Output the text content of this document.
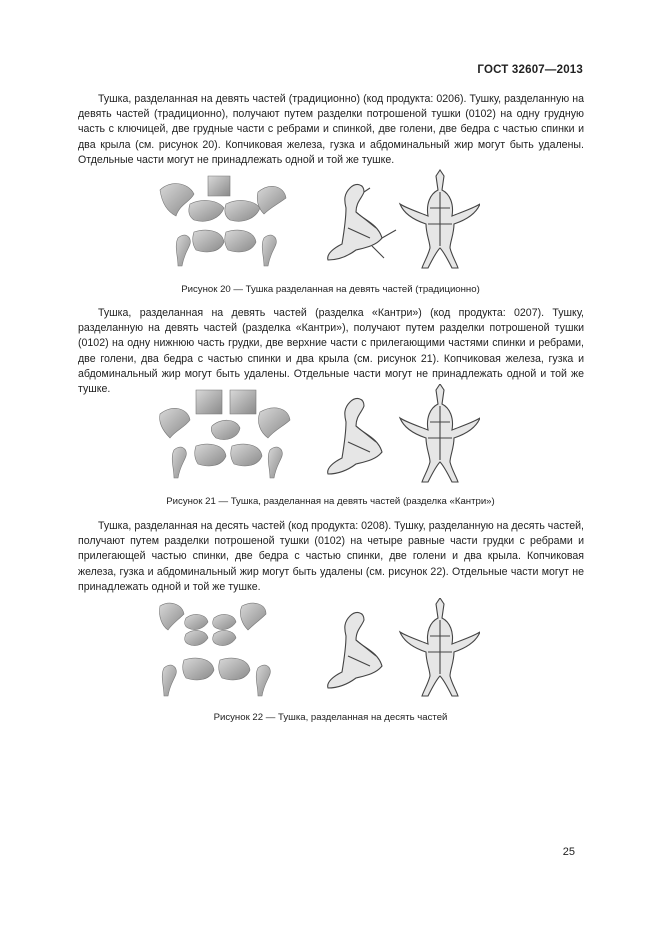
ГОСТ 32607—2013

Тушка, разделанная на девять частей (традиционно) (код продукта: 0206). Тушку, разделанную на девять частей (традиционно), получают путем разделки потрошеной тушки (0102) на одну грудную часть с ключицей, две грудные части с ребрами и спинкой, две голени, две бедра с частью спинки и два крыла (см. рисунок 20). Копчиковая железа, гузка и абдоминальный жир могут быть удалены. Отдельные части могут не принадлежать одной и той же тушке.

Рисунок 20 — Тушка разделанная на девять частей (традиционно)

Тушка, разделанная на девять частей (разделка «Кантри») (код продукта: 0207). Тушку, разделанную на девять частей (разделка «Кантри»), получают путем разделки потрошеной тушки (0102) на одну нижнюю часть грудки, две верхние части с прилегающими частями спинки и ребрами, две голени, два бедра с частью спинки и два крыла (см. рисунок 21). Копчиковая железа, гузка и абдоминальный жир могут быть удалены. Отдельные части могут не принадлежать одной и той же тушке.

Рисунок 21 — Тушка, разделанная на девять частей (разделка «Кантри»)

Тушка, разделанная на десять частей (код продукта: 0208). Тушку, разделанную на десять частей, получают путем разделки потрошеной тушки (0102) на четыре равные части грудки с ребрами и прилегающей частью спинки, две бедра с частью спинки, две голени и два крыла. Копчиковая железа, гузка и абдоминальный жир могут быть удалены (см. рисунок 22). Отдельные части могут не принадлежать одной и той же тушке.

Рисунок 22 — Тушка, разделанная на десять частей
25
